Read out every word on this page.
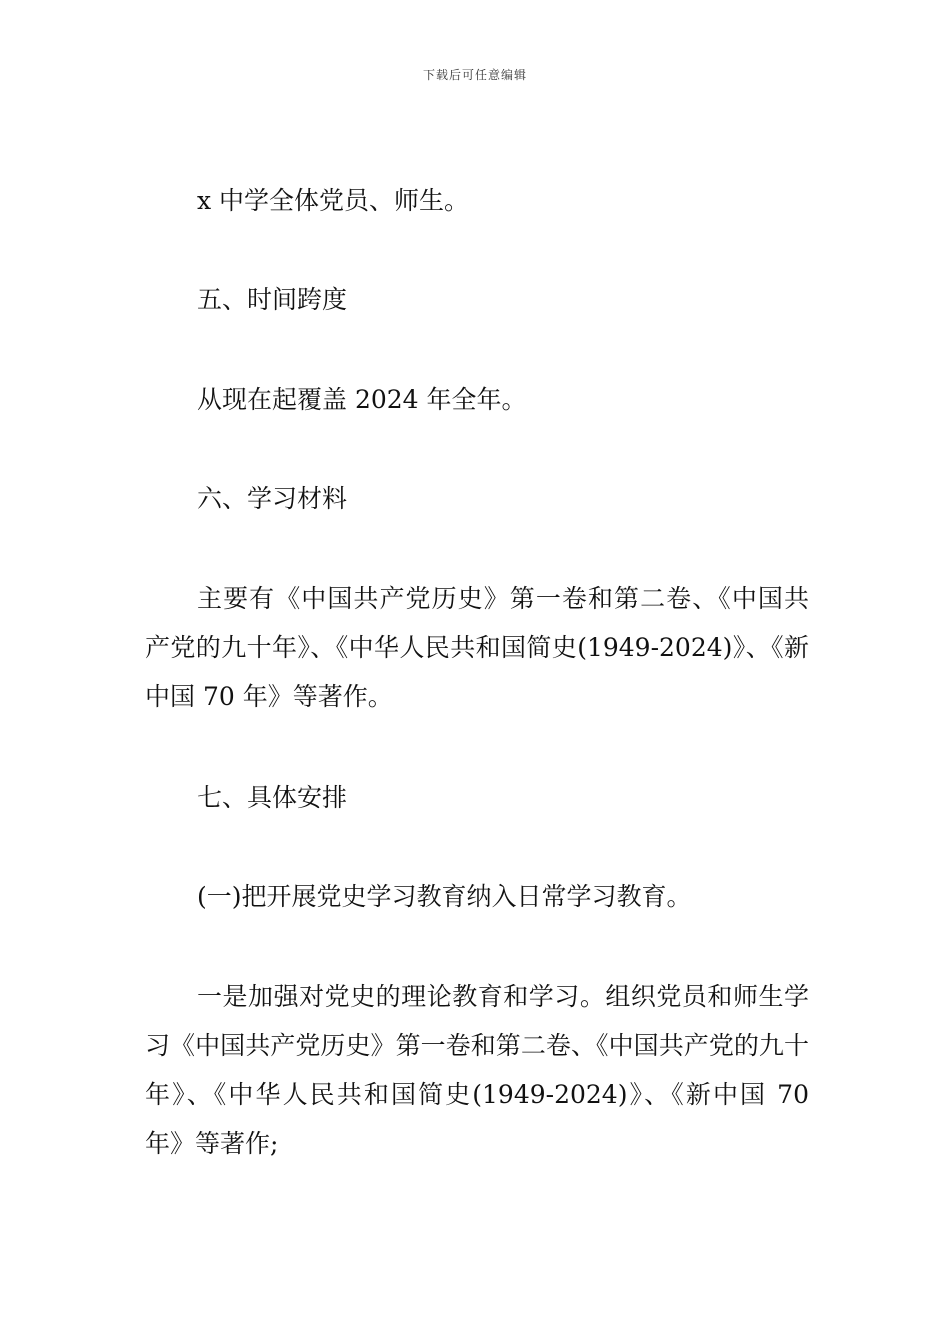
下载后可任意编辑

x 中学全体党员、师生。

五、时间跨度

从现在起覆盖 2024 年全年。

六、学习材料

主要有《中国共产党历史》第一卷和第二卷、《中国共产党的九十年》、《中华人民共和国简史(1949-2024)》、《新中国 70 年》等著作。

七、具体安排

(一)把开展党史学习教育纳入日常学习教育。

一是加强对党史的理论教育和学习。组织党员和师生学习《中国共产党历史》第一卷和第二卷、《中国共产党的九十年》、《中华人民共和国简史(1949-2024)》、《新中国 70 年》等著作;
